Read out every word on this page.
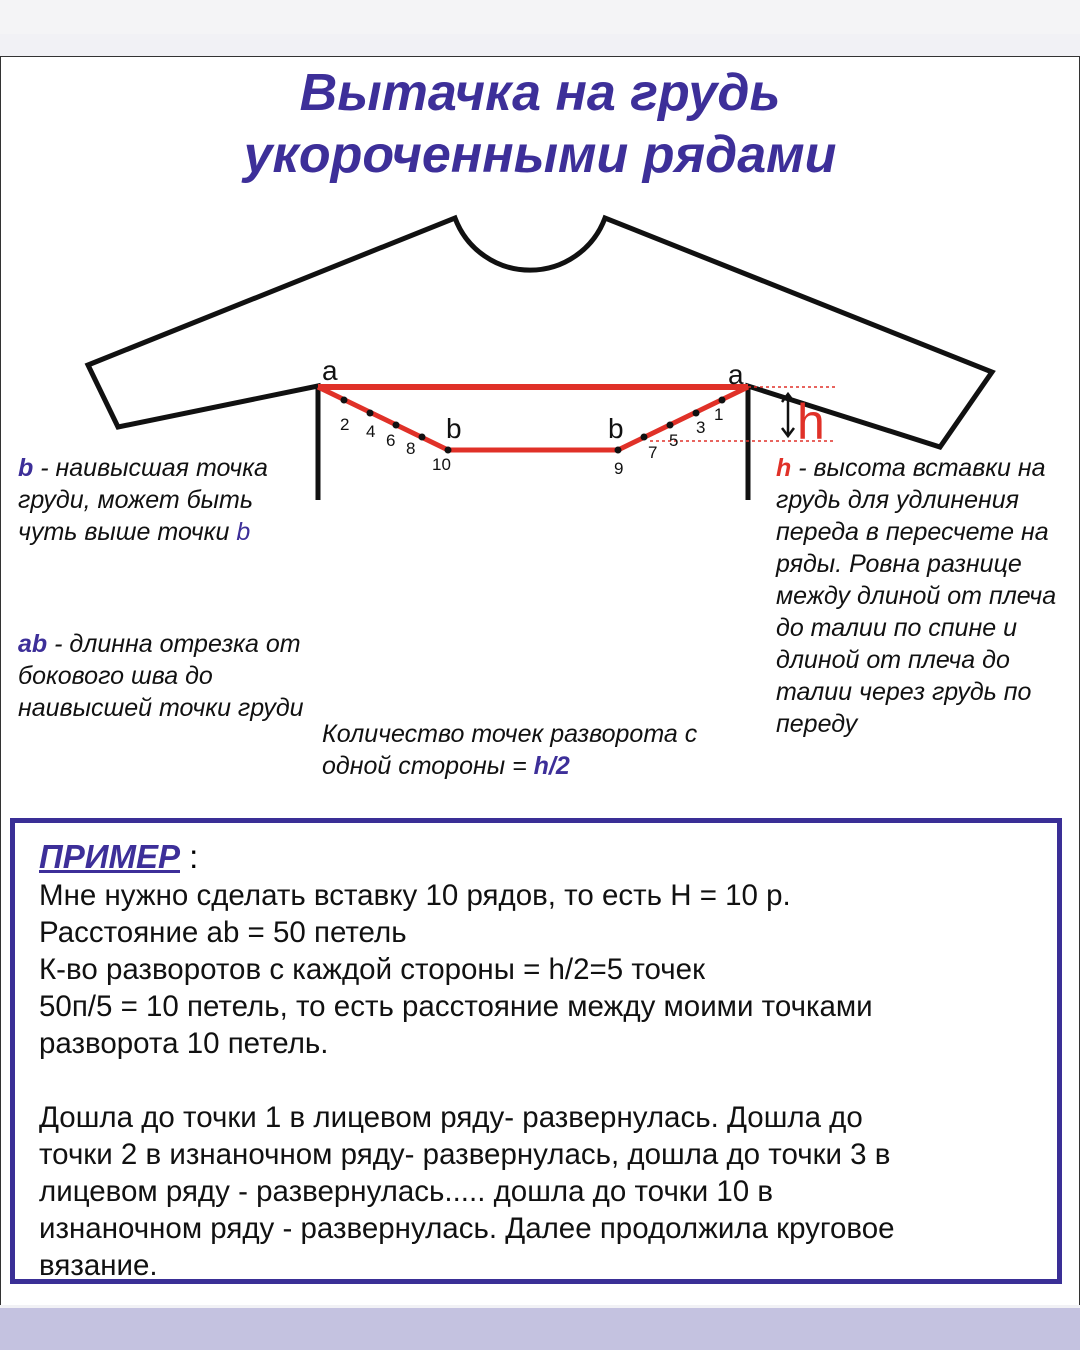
Вытачка на грудь
укороченными рядами
a	a
b	b	h
2 4 6 8
10
1
3
5
7
9

b - наивысшая точка груди, может быть чуть выше точки b

ab - длинна отрезка от бокового шва до наивысшей точки груди

h - высота вставки на грудь для удлинения переда в пересчете на ряды. Ровна разнице между длиной от плеча до талии по спине и длиной от плеча до талии через грудь по переду

Количество точек разворота с одной стороны = h/2

ПРИМЕР :

Мне нужно сделать вставку 10 рядов, то есть Н = 10 р.

Расстояние ab = 50 петель

К-во разворотов с каждой стороны = h/2=5 точек

50п/5 = 10 петель, то есть расстояние между моими точками

разворота 10 петель.

Дошла до точки 1 в лицевом ряду- развернулась. Дошла до

точки 2 в изнаночном ряду- развернулась, дошла до точки 3 в

лицевом ряду - развернулась..... дошла до точки 10 в

изнаночном ряду - развернулась. Далее продолжила круговое

вязание.
